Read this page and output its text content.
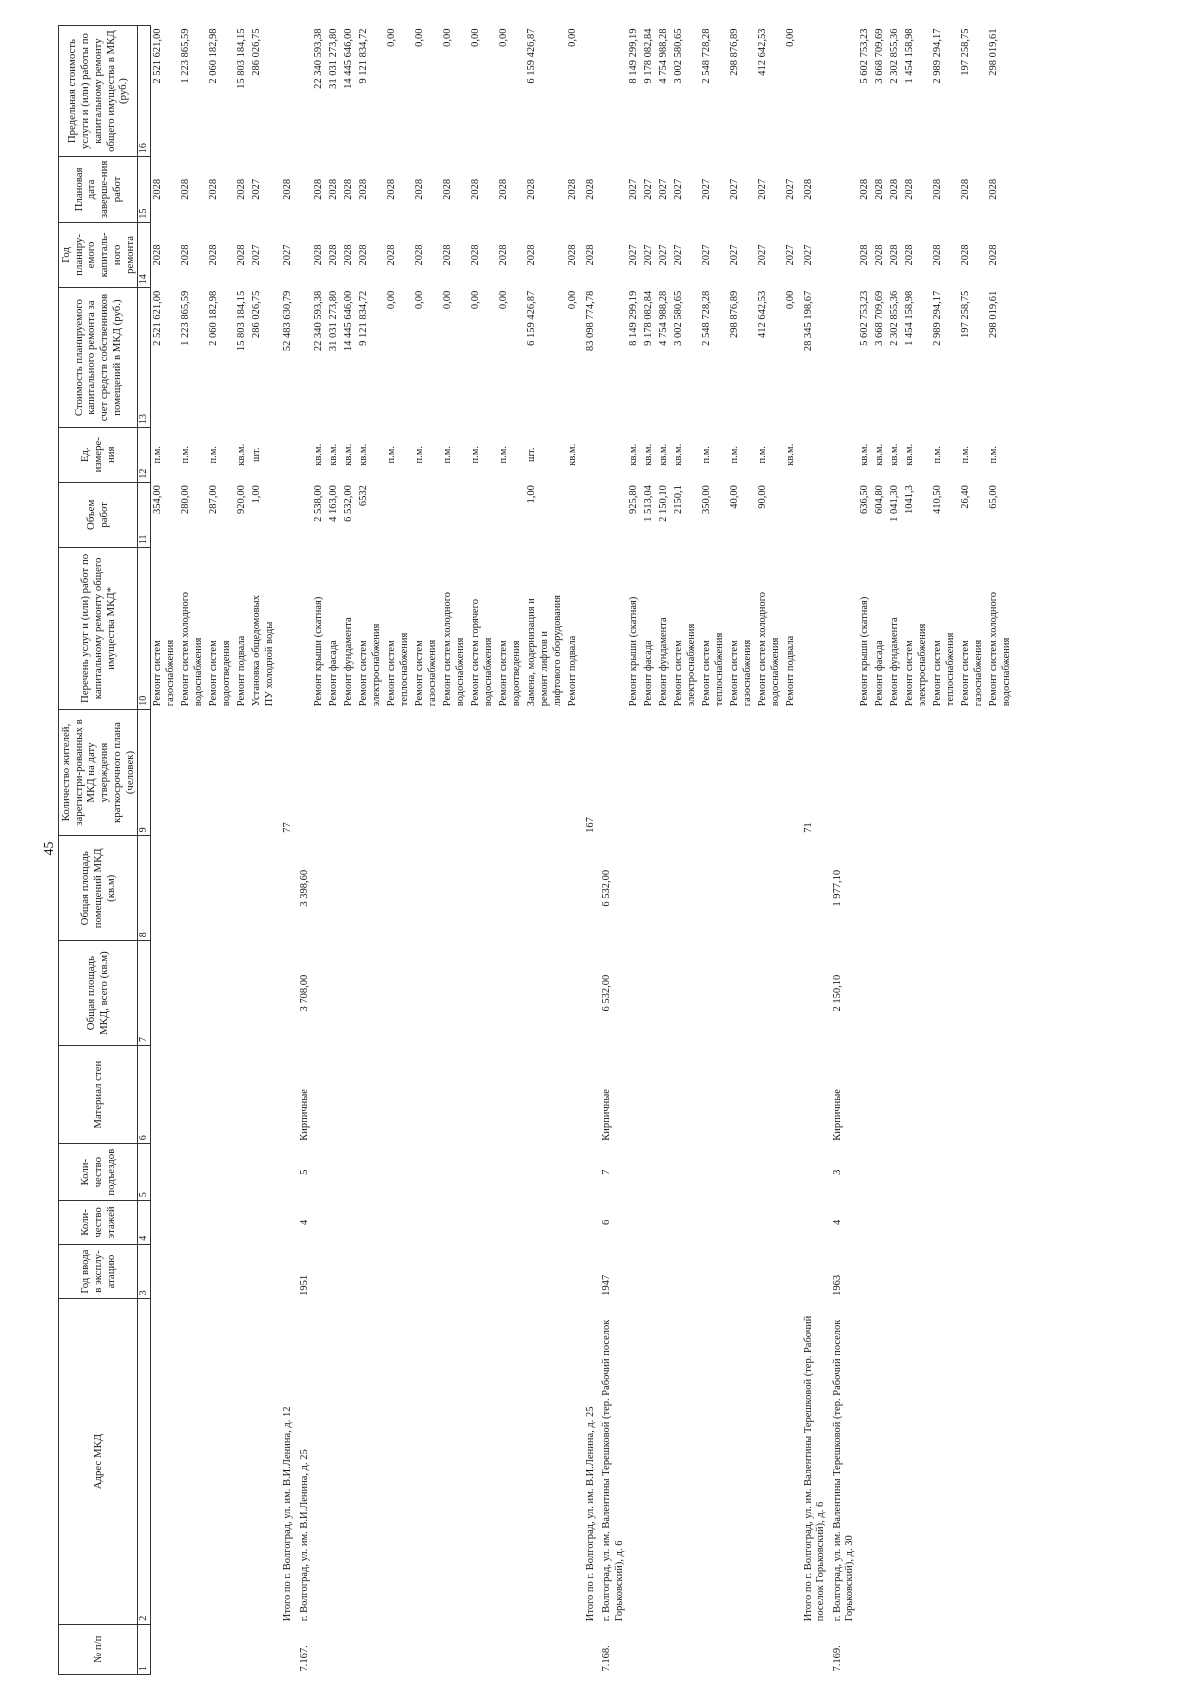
45
№ п/п	Адрес МКД	Год ввода в эксплу-атацию	Коли-чество этажей	Коли-чество подъездов	Материал стен	Общая площадь МКД, всего (кв.м)	Общая площадь помещений МКД (кв.м)	Количество жителей, зарегистри-рованных в МКД на дату утверждения краткосрочного плана (человек)	Перечень услуг и (или) работ по капитальному ремонту общего имущества МКД*	Объем работ	Ед. измере-ния	Стоимость планируемого капитального ремонта за счет средств собственников помещений в МКД (руб.)	Год планиру-емого капиталь-ного ремонта	Плановая дата заверше-ния работ	Предельная стоимость услуги и (или) работы по капитальному ремонту общего имущества в МКД (руб.)
1	2	3	4	5	6	7	8	9	10	11	12	13	14	15	16

									Ремонт систем газоснабжения	354,00	п.м.	2 521 621,00	2028	2028	2 521 621,00

									Ремонт систем холодного водоснабжения	280,00	п.м.	1 223 865,59	2028	2028	1 223 865,59

									Ремонт систем водоотведения	287,00	п.м.	2 060 182,98	2028	2028	2 060 182,98

									Ремонт подвала	920,00	кв.м.	15 803 184,15	2028	2028	15 803 184,15

									Установка общедомовых ПУ холодной воды	1,00	шт.	286 026,75	2027	2027	286 026,75
	Итого по г. Волгоград, ул. им. В.И.Ленина, д. 12							77				52 483 630,79	2027	2028	
7.167.	г. Волгоград, ул. им. В.И.Ленина, д. 25	1951	4	5	Кирпичные	3 708,00	3 398,60								

									Ремонт крыши (скатная)	2 538,00	кв.м.	22 340 593,38	2028	2028	22 340 593,38

									Ремонт фасада	4 163,00	кв.м.	31 031 273,80	2028	2028	31 031 273,80

									Ремонт фундамента	6 532,00	кв.м.	14 445 646,00	2028	2028	14 445 646,00

									Ремонт систем электроснабжения	6532	кв.м.	9 121 834,72	2028	2028	9 121 834,72

									Ремонт систем теплоснабжения		п.м.	0,00	2028	2028	0,00

									Ремонт систем газоснабжения		п.м.	0,00	2028	2028	0,00

									Ремонт систем холодного водоснабжения		п.м.	0,00	2028	2028	0,00

									Ремонт систем горячего водоснабжения		п.м.	0,00	2028	2028	0,00

									Ремонт систем водоотведения		п.м.	0,00	2028	2028	0,00

									Замена, модернизация и ремонт лифтов и лифтового оборудования	1,00	шт.	6 159 426,87	2028	2028	6 159 426,87

									Ремонт подвала		кв.м.	0,00	2028	2028	0,00
	Итого по г. Волгоград, ул. им. В.И.Ленина, д. 25							167				83 098 774,78	2028	2028	
7.168.	г. Волгоград, ул. им. Валентины Терешковой (тер. Рабочий поселок Горьковский), д. 6	1947	6	7	Кирпичные	6 532,00	6 532,00								

									Ремонт крыши (скатная)	925,80	кв.м.	8 149 299,19	2027	2027	8 149 299,19

									Ремонт фасада	1 513,04	кв.м.	9 178 082,84	2027	2027	9 178 082,84

									Ремонт фундамента	2 150,10	кв.м.	4 754 988,28	2027	2027	4 754 988,28

									Ремонт систем электроснабжения	2150,1	кв.м.	3 002 580,65	2027	2027	3 002 580,65

									Ремонт систем теплоснабжения	350,00	п.м.	2 548 728,28	2027	2027	2 548 728,28

									Ремонт систем газоснабжения	40,00	п.м.	298 876,89	2027	2027	298 876,89

									Ремонт систем холодного водоснабжения	90,00	п.м.	412 642,53	2027	2027	412 642,53

									Ремонт подвала		кв.м.	0,00	2027	2027	0,00
	Итого по г. Волгоград, ул. им. Валентины Терешковой (тер. Рабочий поселок Горьковский), д. 6							71				28 345 198,67	2027	2028	
7.169.	г. Волгоград, ул. им. Валентины Терешковой (тер. Рабочий поселок Горьковский), д. 30	1963	4	3	Кирпичные	2 150,10	1 977,10								

									Ремонт крыши (скатная)	636,50	кв.м.	5 602 753,23	2028	2028	5 602 753,23

									Ремонт фасада	604,80	кв.м.	3 668 709,69	2028	2028	3 668 709,69

									Ремонт фундамента	1 041,30	кв.м.	2 302 855,36	2028	2028	2 302 855,36

									Ремонт систем электроснабжения	1041,3	кв.м.	1 454 158,98	2028	2028	1 454 158,98

									Ремонт систем теплоснабжения	410,50	п.м.	2 989 294,17	2028	2028	2 989 294,17

									Ремонт систем газоснабжения	26,40	п.м.	197 258,75	2028	2028	197 258,75

									Ремонт систем холодного водоснабжения	65,00	п.м.	298 019,61	2028	2028	298 019,61
